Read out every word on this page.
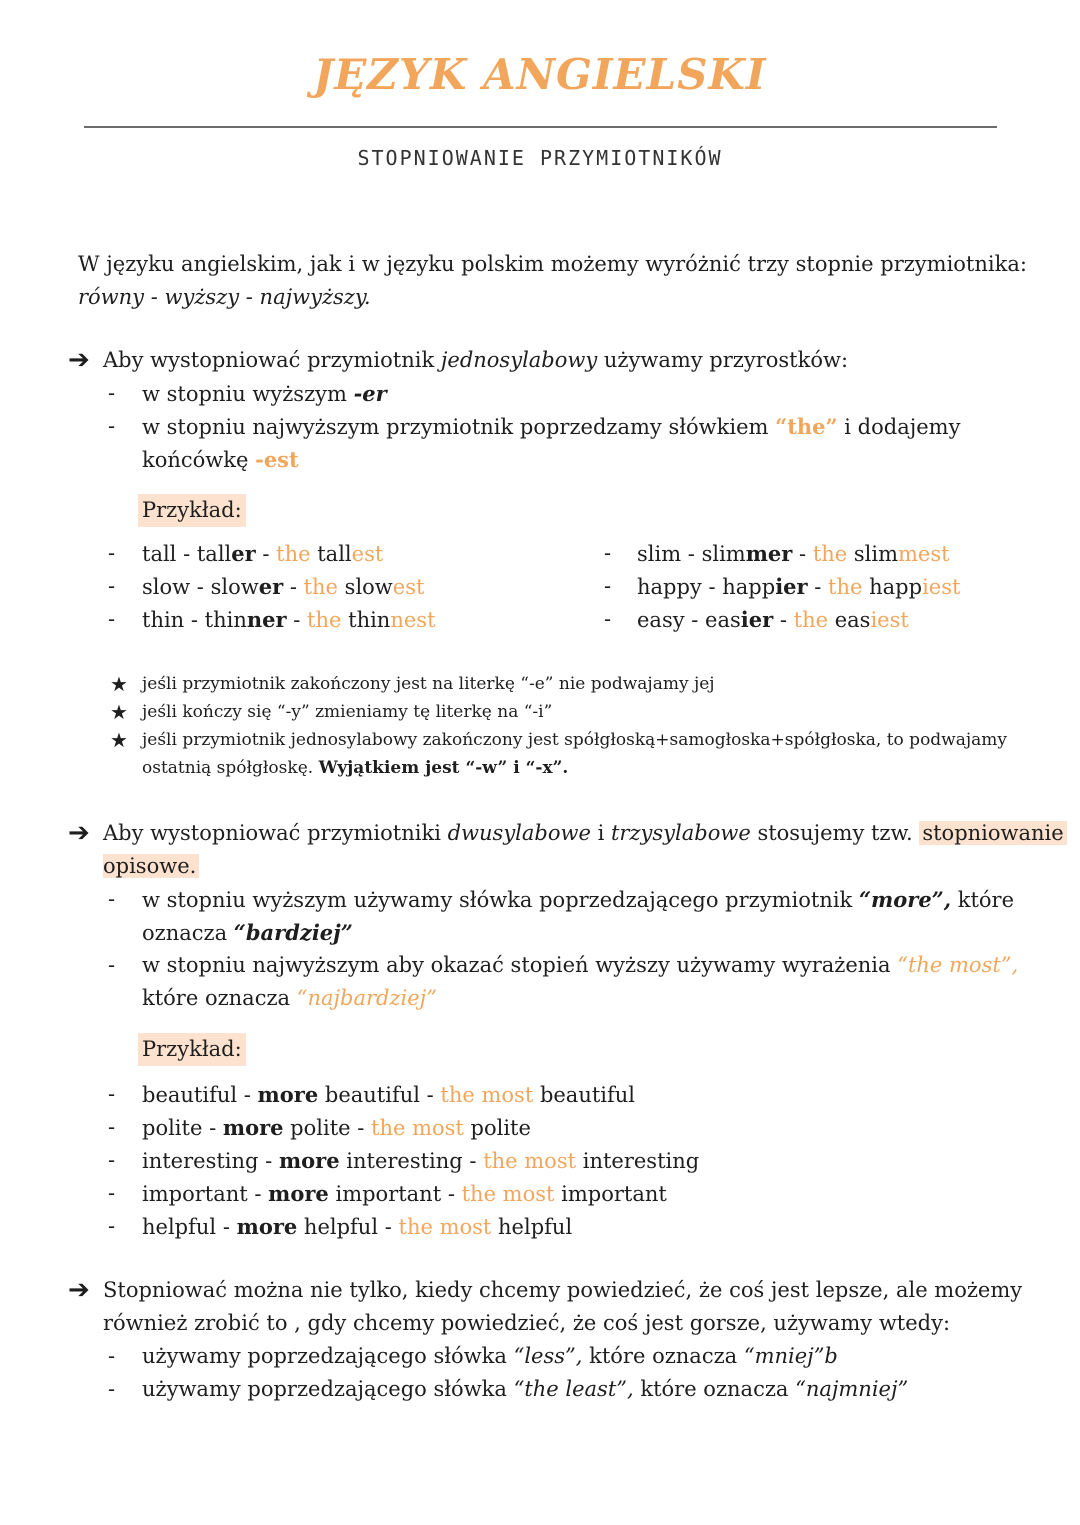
JĘZYK ANGIELSKI
STOPNIOWANIE PRZYMIOTNIKÓW
W języku angielskim, jak i w języku polskim możemy wyróżnić trzy stopnie przymiotnika:
równy - wyższy - najwyższy.
➔ Aby wystopniować przymiotnik jednosylabowy używamy przyrostków:
- w stopniu wyższym -er
- w stopniu najwyższym przymiotnik poprzedzamy słówkiem “the” i dodajemy
końcówkę -est
Przykład:
- tall - taller - the tallest
- slow - slower - the slowest
- thin - thinner - the thinnest
- slim - slimmer - the slimmest
- happy - happier - the happiest
- easy - easier - the easiest
★ jeśli przymiotnik zakończony jest na literkę “-e” nie podwajamy jej
★ jeśli kończy się “-y” zmieniamy tę literkę na “-i”
★ jeśli przymiotnik jednosylabowy zakończony jest spółgłoską+samogłoska+spółgłoska, to podwajamy
ostatnią spółgłoskę. Wyjątkiem jest “-w” i “-x”.
➔ Aby wystopniować przymiotniki dwusylabowe i trzysylabowe stosujemy tzw. stopniowanie
opisowe.
- w stopniu wyższym używamy słówka poprzedzającego przymiotnik “more”, które
oznacza “bardziej”
- w stopniu najwyższym aby okazać stopień wyższy używamy wyrażenia “the most”,
które oznacza “najbardziej”
Przykład:
- beautiful - more beautiful - the most beautiful
- polite - more polite - the most polite
- interesting - more interesting - the most interesting
- important - more important - the most important
- helpful - more helpful - the most helpful
➔ Stopniować można nie tylko, kiedy chcemy powiedzieć, że coś jest lepsze, ale możemy
również zrobić to , gdy chcemy powiedzieć, że coś jest gorsze, używamy wtedy:
- używamy poprzedzającego słówka “less”, które oznacza “mniej”b
- używamy poprzedzającego słówka “the least”, które oznacza “najmniej”
